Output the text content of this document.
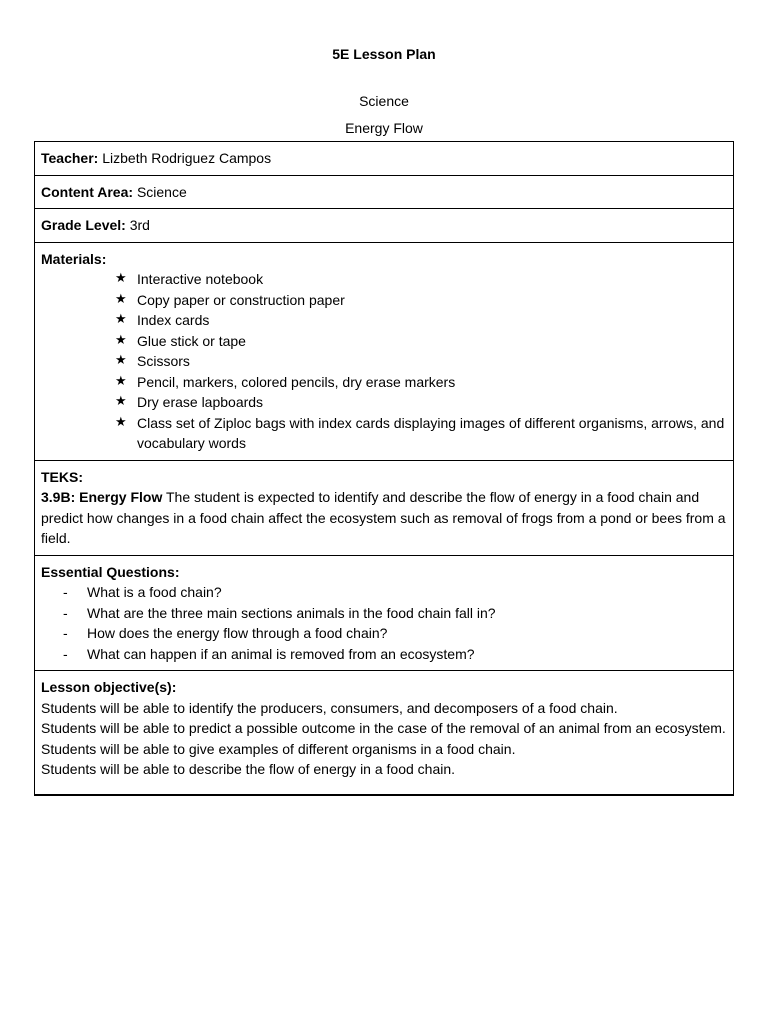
5E Lesson Plan
Science
Energy Flow
Teacher: Lizbeth Rodriguez Campos
Content Area: Science
Grade Level: 3rd

Materials:
★ Interactive notebook
★ Copy paper or construction paper
★ Index cards
★ Glue stick or tape
★ Scissors
★ Pencil, markers, colored pencils, dry erase markers
★ Dry erase lapboards
★ Class set of Ziploc bags with index cards displaying images of different organisms, arrows, and vocabulary words

TEKS:
3.9B: Energy Flow The student is expected to identify and describe the flow of energy in a food chain and predict how changes in a food chain affect the ecosystem such as removal of frogs from a pond or bees from a field.

Essential Questions:
- What is a food chain?
- What are the three main sections animals in the food chain fall in?
- How does the energy flow through a food chain?
- What can happen if an animal is removed from an ecosystem?

Lesson objective(s):
Students will be able to identify the producers, consumers, and decomposers of a food chain.
Students will be able to predict a possible outcome in the case of the removal of an animal from an ecosystem.
Students will be able to give examples of different organisms in a food chain.
Students will be able to describe the flow of energy in a food chain.
